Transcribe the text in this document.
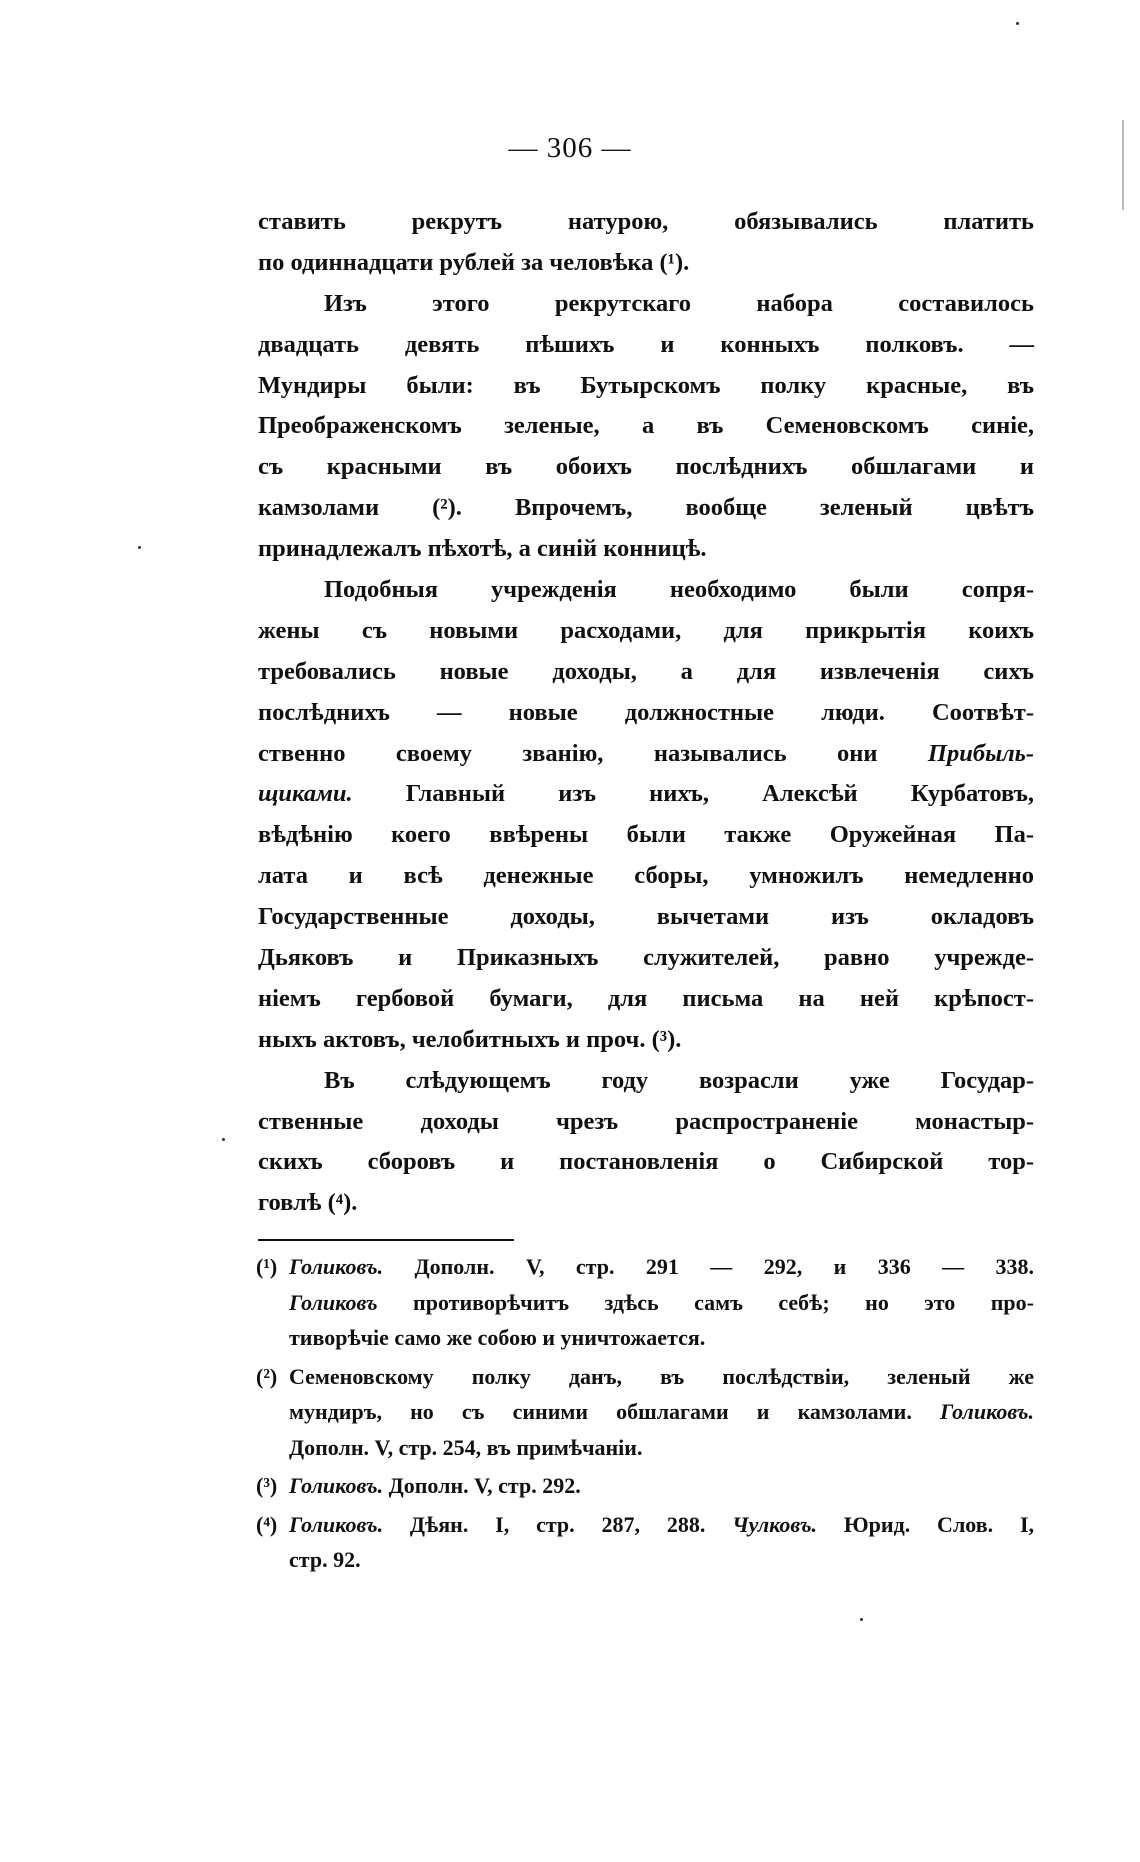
— 306 —
ставить рекрутъ натурою, обязывались платить
по одиннадцати рублей за человѣка (¹).
Изъ этого рекрутскаго набора составилось
двадцать девять пѣшихъ и конныхъ полковъ. —
Мундиры были: въ Бутырскомъ полку красные, въ
Преображенскомъ зеленые, а въ Семеновскомъ синіе,
съ красными въ обоихъ послѣднихъ обшлагами и
камзолами (²). Впрочемъ, вообще зеленый цвѣтъ
принадлежалъ пѣхотѣ, а синій конницѣ.
Подобныя учрежденія необходимо были сопря-
жены съ новыми расходами, для прикрытія коихъ
требовались новые доходы, а для извлеченія сихъ
послѣднихъ — новые должностные люди. Соотвѣт-
ственно своему званію, назывались они Прибыль-
щиками. Главный изъ нихъ, Алексѣй Курбатовъ,
вѣдѣнію коего ввѣрены были также Оружейная Па-
лата и всѣ денежные сборы, умножилъ немедленно
Государственные доходы, вычетами изъ окладовъ
Дьяковъ и Приказныхъ служителей, равно учрежде-
ніемъ гербовой бумаги, для письма на ней крѣпост-
ныхъ актовъ, челобитныхъ и проч. (³).
Въ слѣдующемъ году возрасли уже Государ-
ственные доходы чрезъ распространеніе монастыр-
скихъ сборовъ и постановленія о Сибирской тор-
говлѣ (⁴).
(¹) Голиковъ. Дополн. V, стр. 291 — 292, и 336 — 338.
Голиковъ противорѣчитъ здѣсь самъ себѣ; но это про-
тиворѣчіе само же собою и уничтожается.
(²) Семеновскому полку данъ, въ послѣдствіи, зеленый же
мундиръ, но съ синими обшлагами и камзолами. Голиковъ.
Дополн. V, стр. 254, въ примѣчаніи.
(³) Голиковъ. Дополн. V, стр. 292.
(⁴) Голиковъ. Дѣян. I, стр. 287, 288. Чулковъ. Юрид. Слов. I,
стр. 92.
